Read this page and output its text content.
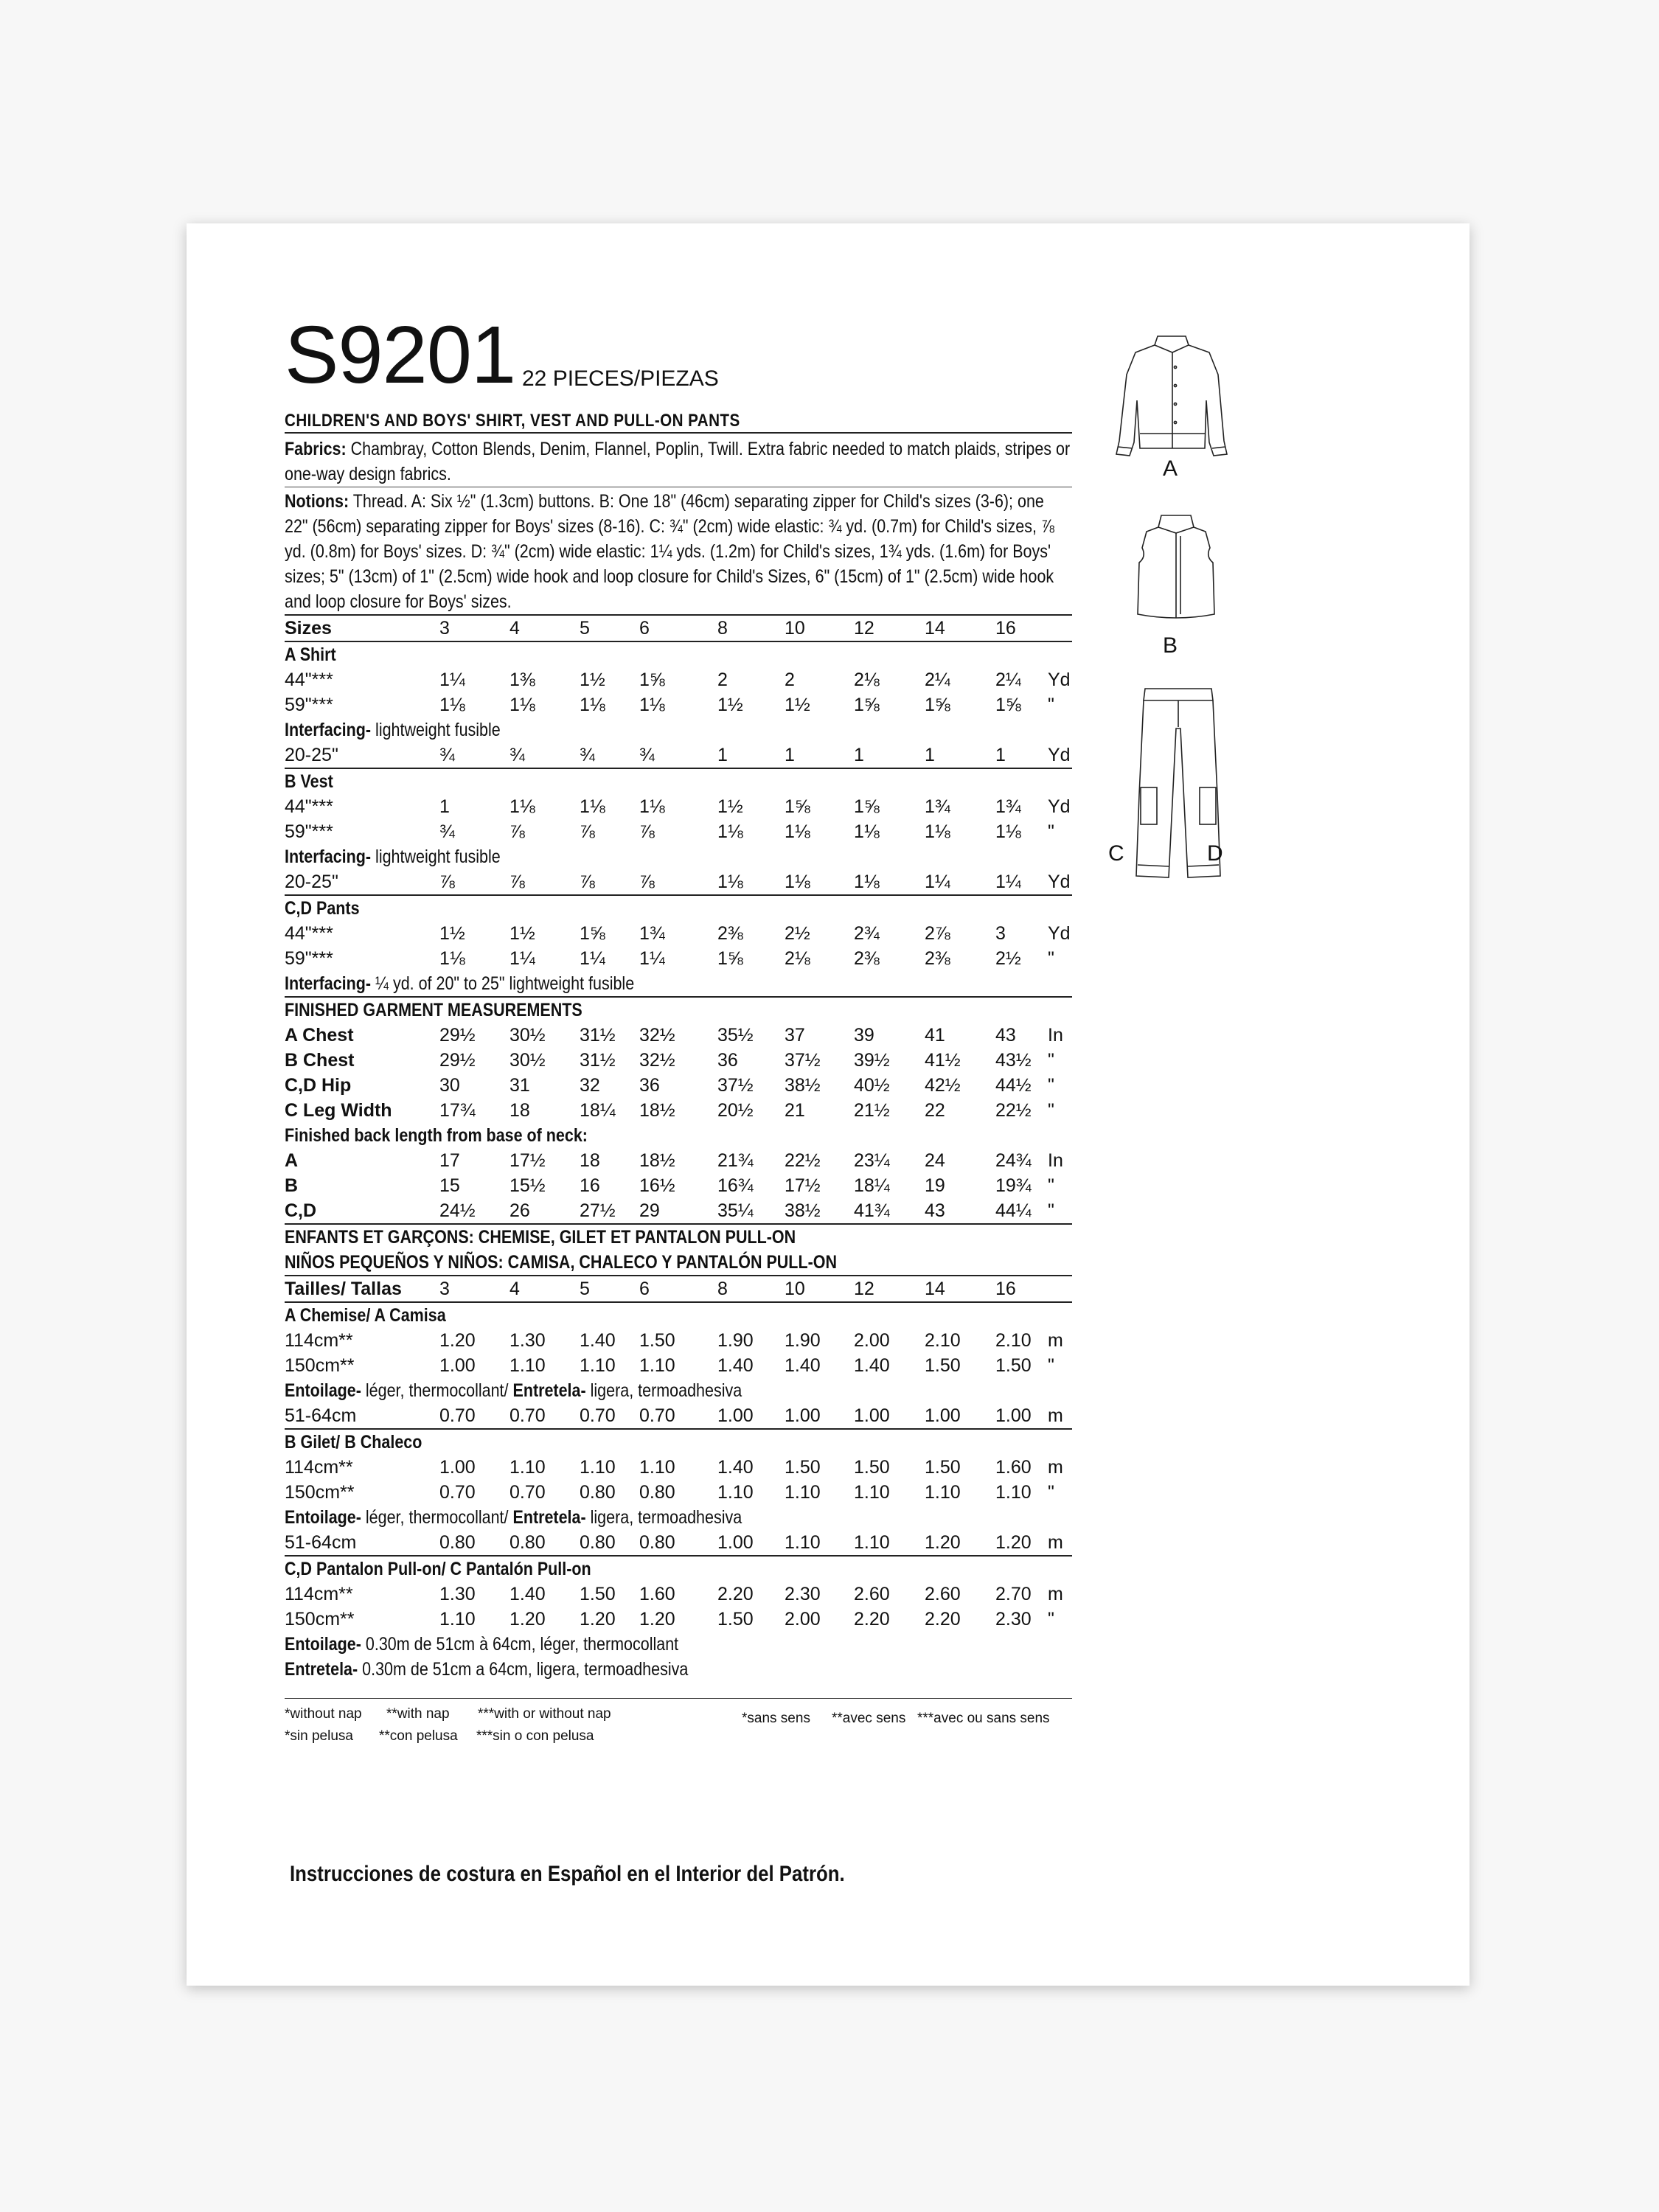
S9201 22 PIECES/PIEZAS
CHILDREN'S AND BOYS' SHIRT, VEST AND PULL-ON PANTS
Fabrics: Chambray, Cotton Blends, Denim, Flannel, Poplin, Twill. Extra fabric needed to match plaids, stripes or one-way design fabrics.
Notions: Thread. A: Six ½" (1.3cm) buttons. B: One 18" (46cm) separating zipper for Child's sizes (3-6); one 22" (56cm) separating zipper for Boys' sizes (8-16). C: ¾" (2cm) wide elastic: ¾ yd. (0.7m) for Child's sizes, ⅞ yd. (0.8m) for Boys' sizes. D: ¾" (2cm) wide elastic: 1¼ yds. (1.2m) for Child's sizes, 1¾ yds. (1.6m) for Boys' sizes; 5" (13cm) of 1" (2.5cm) wide hook and loop closure for Child's Sizes, 6" (15cm) of 1" (2.5cm) wide hook and loop closure for Boys' sizes.
Sizes	3	4	5	6	8	10	12	14	16
A Shirt
44"***	1¼ 1⅜ 1½ 1⅝	2	2	2⅛ 2¼ 2¼ Yd
59"***	1⅛ 1⅛ 1⅛ 1⅛	1½ 1½ 1⅝ 1⅝ 1⅝ "
Interfacing- lightweight fusible
20-25"	¾	¾	¾ ¾	1	1	1	1	1 Yd
B Vest
44"***	1	1⅛ 1⅛ 1⅛	1½ 1⅝ 1⅝ 1¾ 1¾ Yd
59"***	¾	⅞	⅞ ⅞	1⅛ 1⅛ 1⅛ 1⅛ 1⅛ "
Interfacing- lightweight fusible
20-25"	⅞	⅞	⅞ ⅞	1⅛ 1⅛ 1⅛ 1¼ 1¼ Yd
C,D Pants
44"***	1½ 1½ 1⅝ 1¾	2⅜ 2½ 2¾ 2⅞ 3 Yd
59"***	1⅛ 1¼ 1¼ 1¼	1⅝ 2⅛ 2⅜ 2⅜ 2½ "
Interfacing- ¼ yd. of 20" to 25" lightweight fusible
FINISHED GARMENT MEASUREMENTS
A Chest	29½ 30½ 31½ 32½ 35½ 37	39	41	43 In
B Chest	29½ 30½ 31½ 32½ 36	37½ 39½ 41½ 43½ "
C,D Hip	30	31	32 36	37½ 38½ 40½ 42½ 44½ "
C Leg Width	17¾ 18	18¼ 18½ 20½ 21	21½ 22	22½ "
Finished back length from base of neck:
A	17	17½ 18 18½ 21¾ 22½ 23¼ 24	24¾ In
B	15	15½ 16 16½ 16¾ 17½ 18¼ 19	19¾ "
C,D	24½ 26	27½ 29	35¼ 38½ 41¾ 43	44¼ "
ENFANTS ET GARÇONS: CHEMISE, GILET ET PANTALON PULL-ON
NIÑOS PEQUEÑOS Y NIÑOS: CAMISA, CHALECO Y PANTALÓN PULL-ON
Tailles/ Tallas 3	4	5	6	8	10	12	14	16
A Chemise/ A Camisa
114cm**	1.20 1.30 1.40 1.50 1.90 1.90 2.00 2.10 2.10 m
150cm**	1.00 1.10 1.10 1.10 1.40 1.40 1.40 1.50 1.50 "
Entoilage- léger, thermocollant/ Entretela- ligera, termoadhesiva
51-64cm	0.70 0.70 0.70 0.70 1.00 1.00 1.00 1.00 1.00 m
B Gilet/ B Chaleco
114cm**	1.00 1.10 1.10 1.10 1.40 1.50 1.50 1.50 1.60 m
150cm**	0.70 0.70 0.80 0.80 1.10 1.10 1.10 1.10 1.10 "
Entoilage- léger, thermocollant/ Entretela- ligera, termoadhesiva
51-64cm	0.80 0.80 0.80 0.80 1.00 1.10 1.10 1.20 1.20 m
C,D Pantalon Pull-on/ C Pantalón Pull-on
114cm**	1.30 1.40 1.50 1.60 2.20 2.30 2.60 2.60 2.70 m
150cm**	1.10 1.20 1.20 1.20 1.50 2.00 2.20 2.20 2.30 "
Entoilage- 0.30m de 51cm à 64cm, léger, thermocollant
Entretela- 0.30m de 51cm a 64cm, ligera, termoadhesiva
*without nap **with nap ***with or without nap
*sin pelusa **con pelusa ***sin o con pelusa
*sans sens **avec sens ***avec ou sans sens
Instrucciones de costura en Español en el Interior del Patrón.
A
B
C	D
